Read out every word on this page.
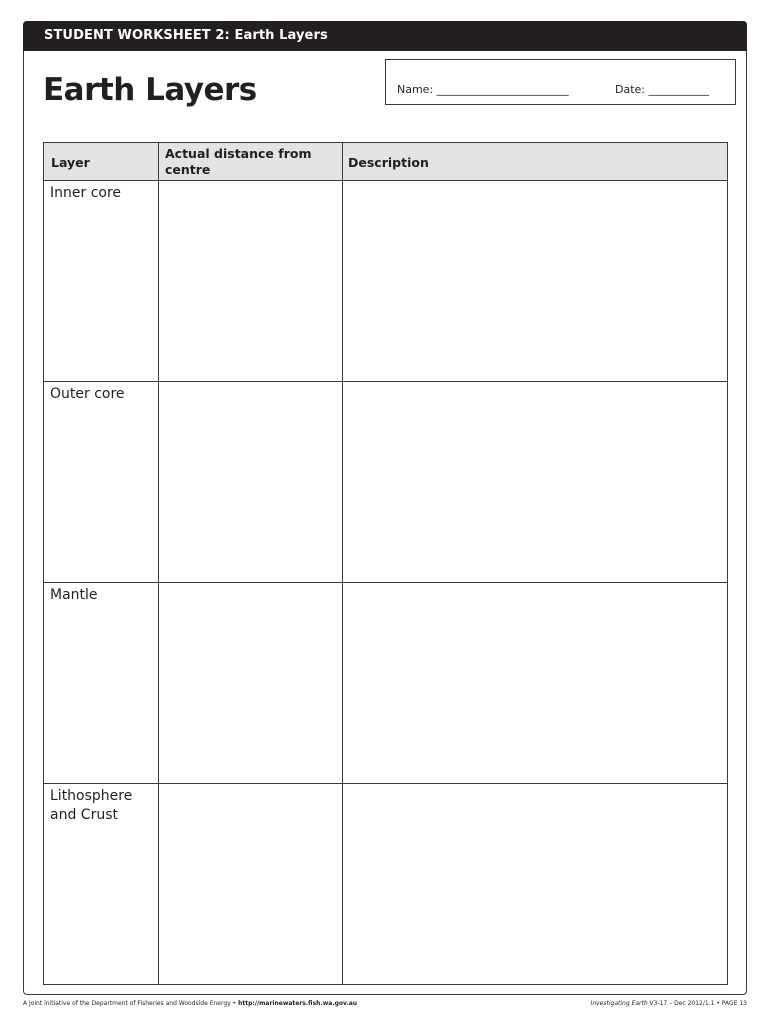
STUDENT WORKSHEET 2: Earth Layers
Earth Layers	Name: ________________________	Date: ___________
Layer	Actual distance from centre	Description
Inner core		
Outer core		
Mantle		
Lithosphere and Crust		
A joint initiative of the Department of Fisheries and Woodside Energy • http://marinewaters.fish.wa.gov.au	Investigating Earth V3-17 – Dec 2012/1.1 • PAGE 13
